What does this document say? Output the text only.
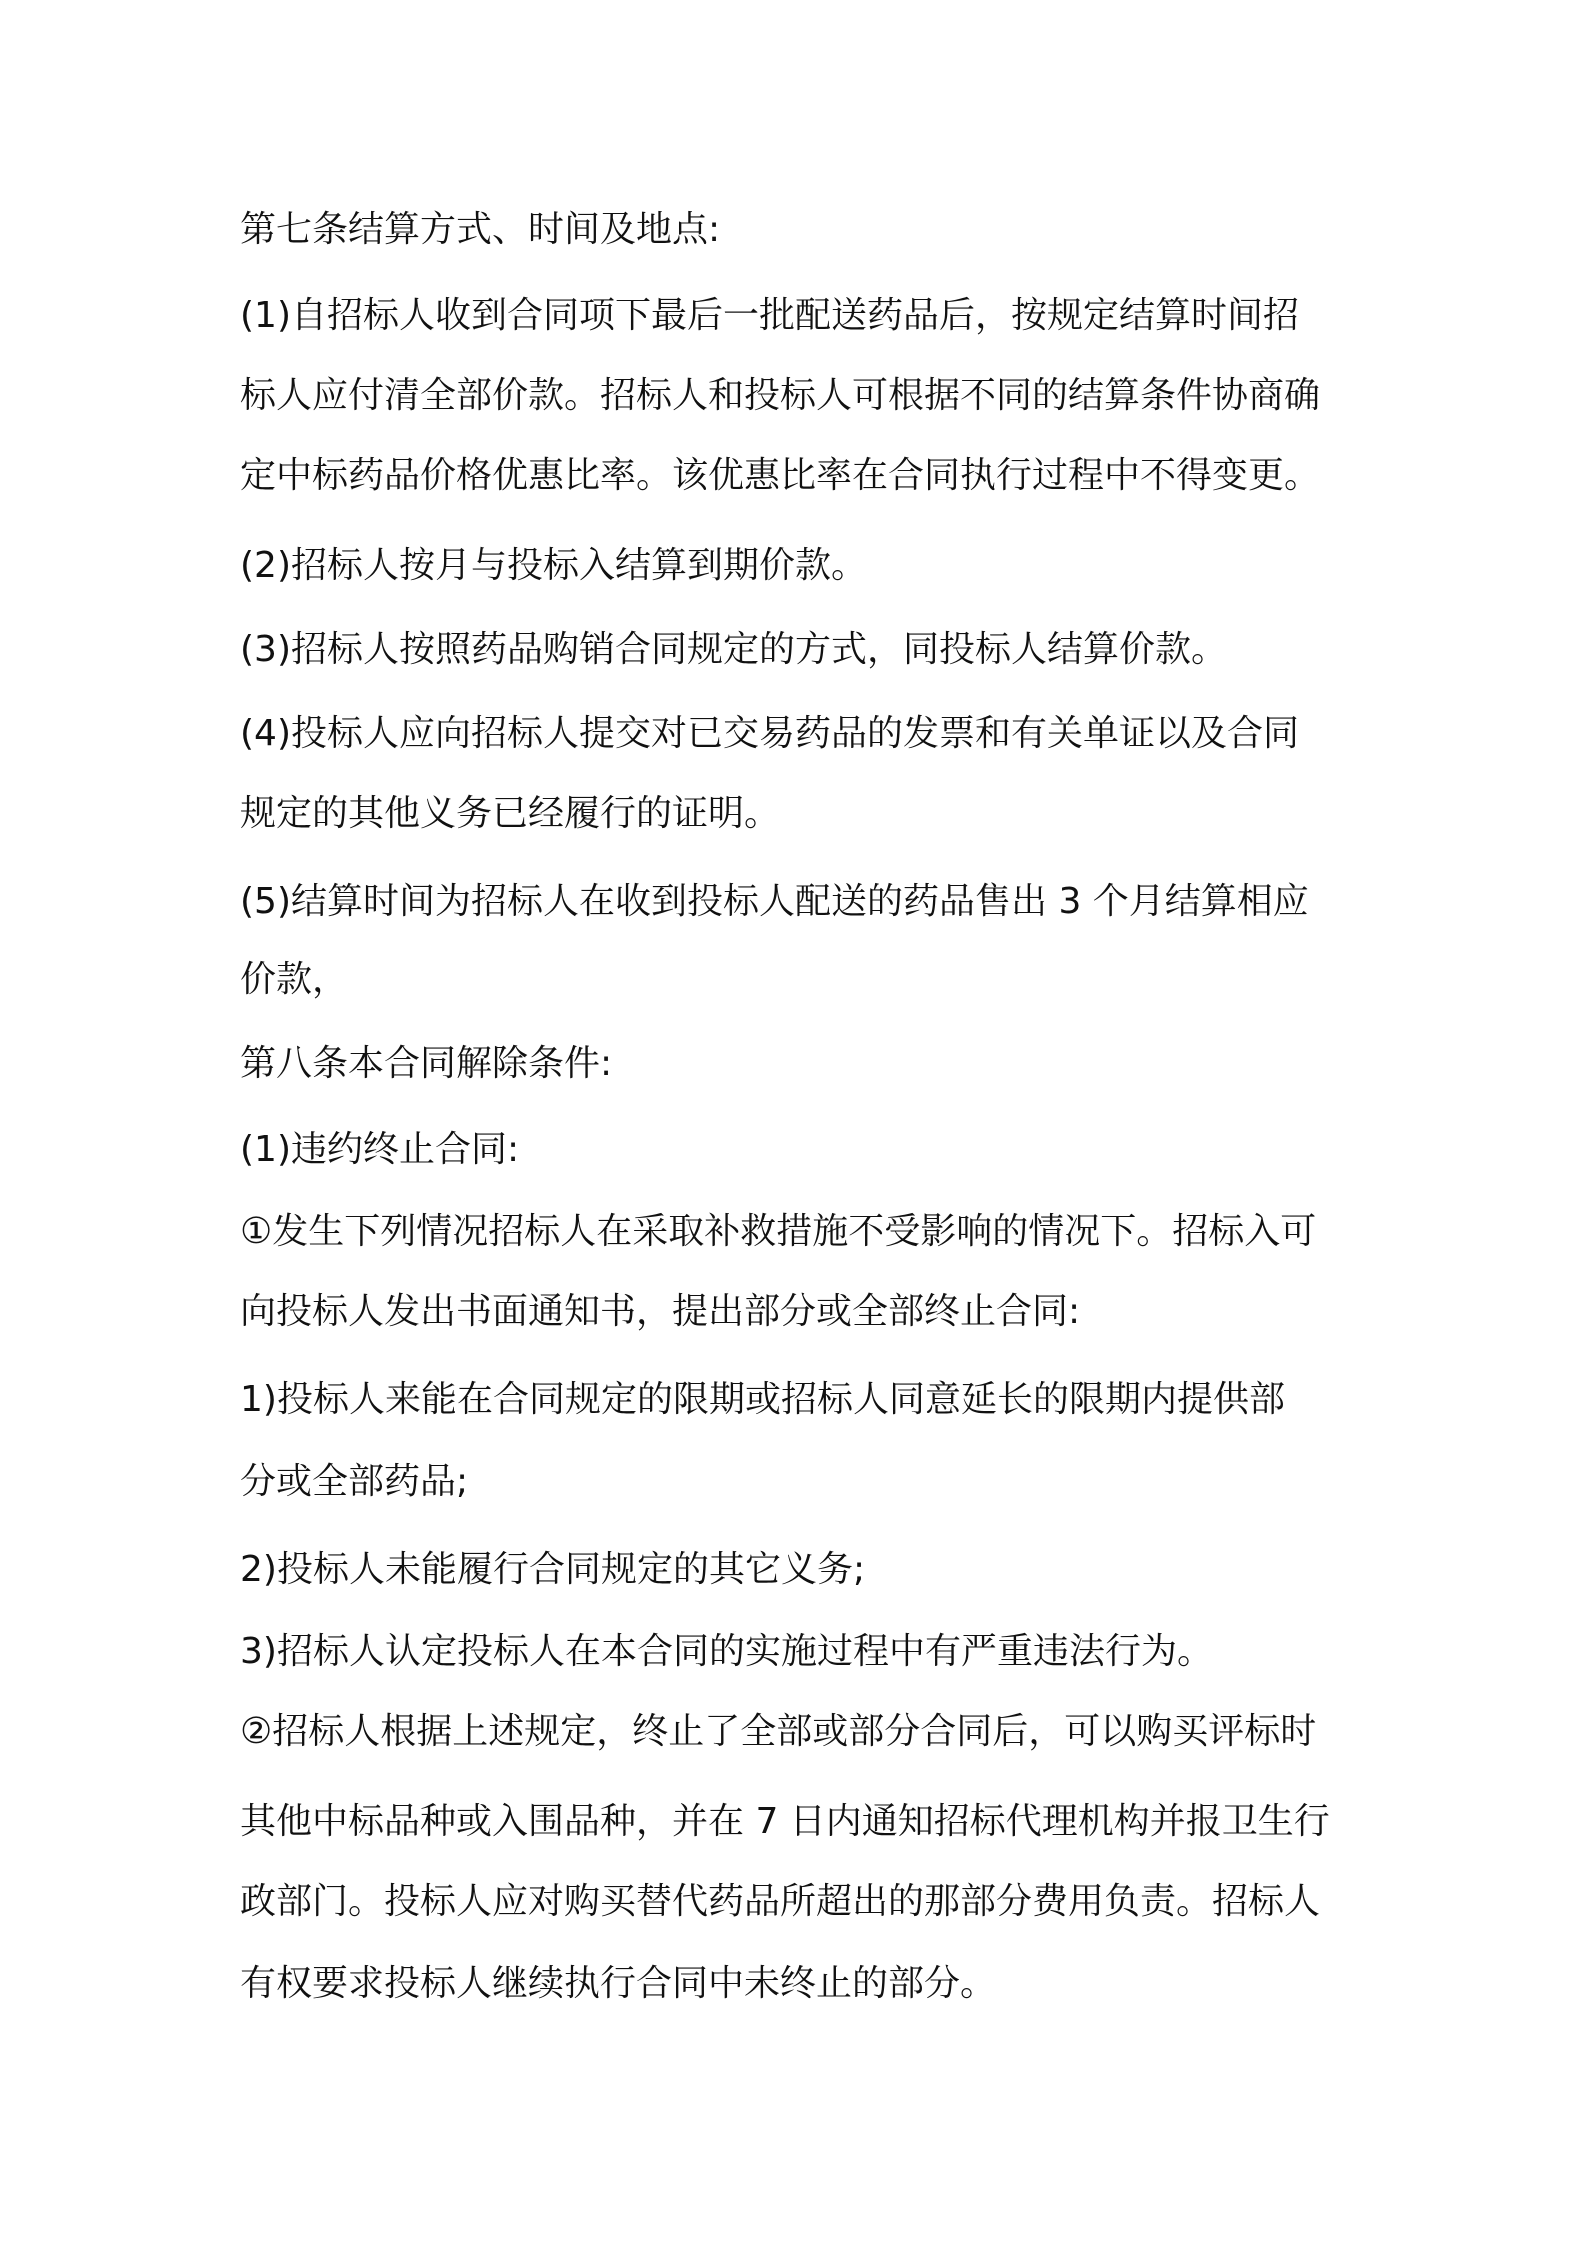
第七条结算方式、时间及地点:
(1)自招标人收到合同项下最后一批配送药品后，按规定结算时间招
标人应付清全部价款。招标人和投标人可根据不同的结算条件协商确
定中标药品价格优惠比率。该优惠比率在合同执行过程中不得变更。
(2)招标人按月与投标入结算到期价款。
(3)招标人按照药品购销合同规定的方式，同投标人结算价款。
(4)投标人应向招标人提交对已交易药品的发票和有关单证以及合同
规定的其他义务已经履行的证明。
(5)结算时间为招标人在收到投标人配送的药品售出 3 个月结算相应
价款，
第八条本合同解除条件:
(1)违约终止合同:
①发生下列情况招标人在采取补救措施不受影响的情况下。招标入可
向投标人发出书面通知书，提出部分或全部终止合同:
1)投标人来能在合同规定的限期或招标人同意延长的限期内提供部
分或全部药品;
2)投标人未能履行合同规定的其它义务;
3)招标人认定投标人在本合同的实施过程中有严重违法行为。
②招标人根据上述规定，终止了全部或部分合同后，可以购买评标时
其他中标品种或入围品种，并在 7 日内通知招标代理机构并报卫生行
政部门。投标人应对购买替代药品所超出的那部分费用负责。招标人
有权要求投标人继续执行合同中未终止的部分。
